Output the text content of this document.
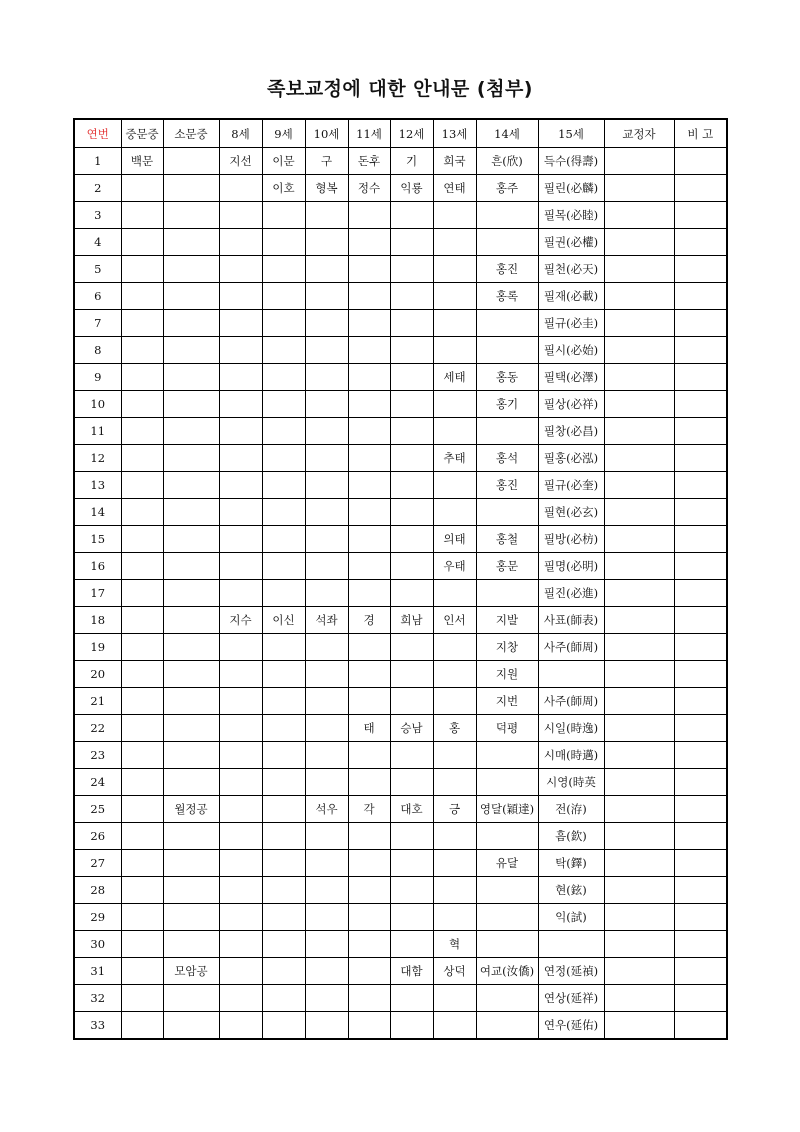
족보교정에 대한 안내문 (첨부)
연번	중문중	소문중	8세	9세	10세	11세	12세	13세	14세	15세	교정자	비 고
1	백문		지선	이문	구	돈후	기	희국	흔(欣)	득수(得壽)		
2				이호	형복	정수	익룡	연태	홍주	필린(必麟)		
3										필목(必睦)		
4										필권(必權)		
5									홍진	필천(必天)		
6									홍록	필재(必載)		
7										필규(必圭)		
8										필시(必始)		
9								세태	홍동	필택(必澤)		
10									홍기	필상(必祥)		
11										필창(必昌)		
12								추태	홍석	필홍(必泓)		
13									홍진	필규(必奎)		
14										필현(必玄)		
15								의태	홍철	필방(必枋)		
16								우태	홍문	필명(必明)		
17										필진(必進)		
18			지수	이신	석좌	경	희남	인서	지발	사표(師表)		
19									지창	사주(師周)		
20									지원			
21									지번	사주(師周)		
22						태	승남	홍	덕평	시일(時逸)		
23										시매(時邁)		
24										시영(時英		
25		월정공			석우	각	대호	긍	영달(穎達)	전(洊)		
26										흠(欽)		
27									유달	탁(鐸)		
28										현(鉉)		
29										익(試)		
30								혁				
31		모암공					대함	상덕	여교(汝僑)	연정(延禎)		
32										연상(延祥)		
33										연우(延佑)		
